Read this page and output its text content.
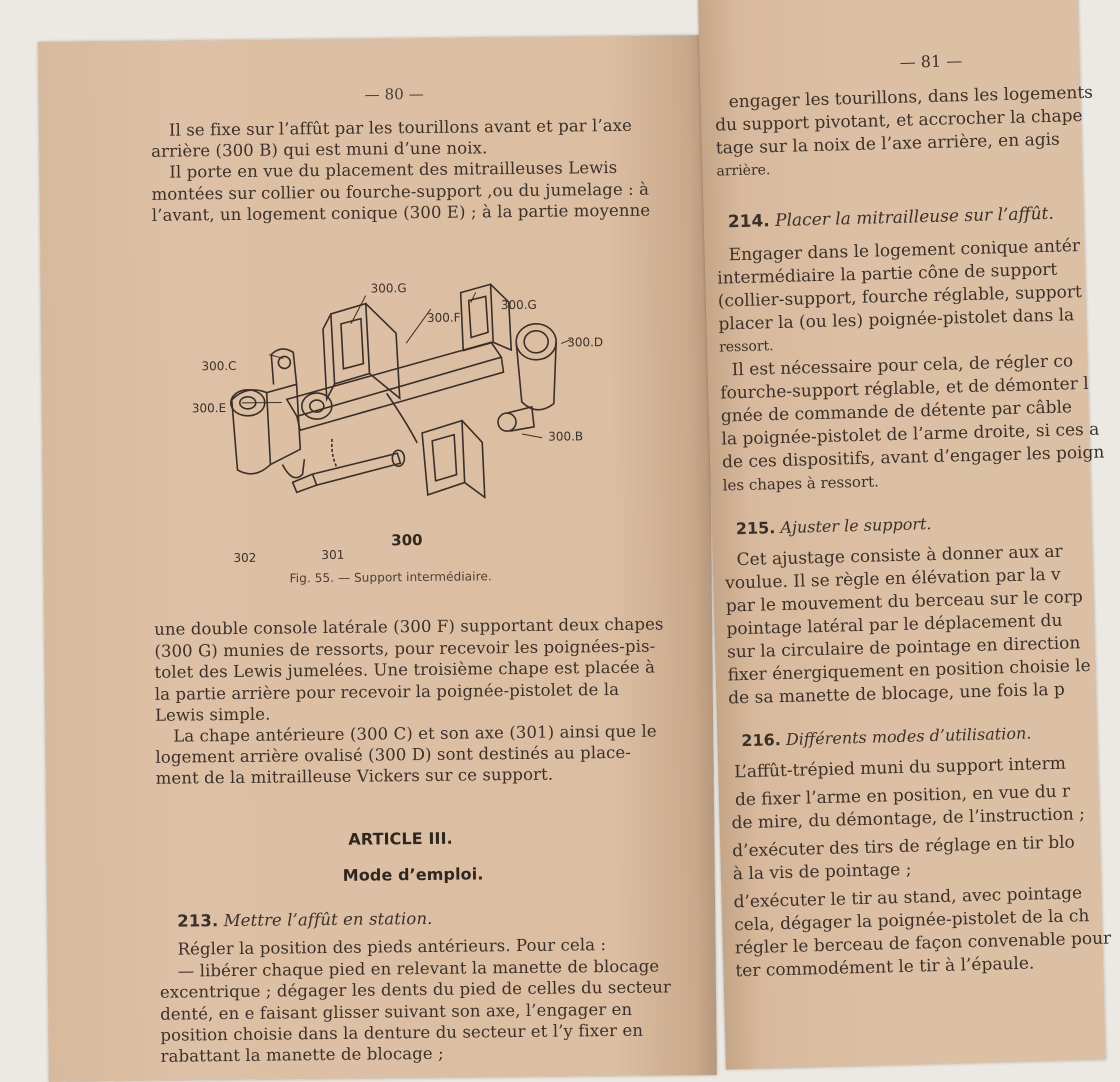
— 80 —
Il se fixe sur l’affût par les tourillons avant et par l’axe
arrière (300 B) qui est muni d’une noix.
Il porte en vue du placement des mitrailleuses Lewis
montées sur collier ou fourche-support ,ou du jumelage : à
l’avant, un logement conique (300 E) ; à la partie moyenne
300.G
300.F
300.G
300.C
300.D
300.E
300.B
302	301
300
Fig. 55. — Support intermédiaire.
une double console latérale (300 F) supportant deux chapes
(300 G) munies de ressorts, pour recevoir les poignées-pis-
tolet des Lewis jumelées. Une troisième chape est placée à
la partie arrière pour recevoir la poignée-pistolet de la
Lewis simple.
La chape antérieure (300 C) et son axe (301) ainsi que le
logement arrière ovalisé (300 D) sont destinés au place-
ment de la mitrailleuse Vickers sur ce support.
ARTICLE III.
Mode d’emploi.
213. Mettre l’affût en station.
Régler la position des pieds antérieurs. Pour cela :
— libérer chaque pied en relevant la manette de blocage
excentrique ; dégager les dents du pied de celles du secteur
denté, en e faisant glisser suivant son axe, l’engager en
position choisie dans la denture du secteur et l’y fixer en
rabattant la manette de blocage ;
— 81 —
engager les tourillons, dans les logements
du support pivotant, et accrocher la chape
tage sur la noix de l’axe arrière, en agis
arrière.
214. Placer la mitrailleuse sur l’affût.
Engager dans le logement conique antér
intermédiaire la partie cône de support
(collier-support, fourche réglable, support
placer la (ou les) poignée-pistolet dans la
ressort.
Il est nécessaire pour cela, de régler co
fourche-support réglable, et de démonter l
gnée de commande de détente par câble
la poignée-pistolet de l’arme droite, si ces a
de ces dispositifs, avant d’engager les poign
les chapes à ressort.
215. Ajuster le support.
Cet ajustage consiste à donner aux ar
voulue. Il se règle en élévation par la v
par le mouvement du berceau sur le corp
pointage latéral par le déplacement du
sur la circulaire de pointage en direction
fixer énergiquement en position choisie le
de sa manette de blocage, une fois la p
216. Différents modes d’utilisation.
L’affût-trépied muni du support interm
de fixer l’arme en position, en vue du r
de mire, du démontage, de l’instruction ;
d’exécuter des tirs de réglage en tir blo
à la vis de pointage ;
d’exécuter le tir au stand, avec pointage
cela, dégager la poignée-pistolet de la ch
régler le berceau de façon convenable pour
ter commodément le tir à l’épaule.
